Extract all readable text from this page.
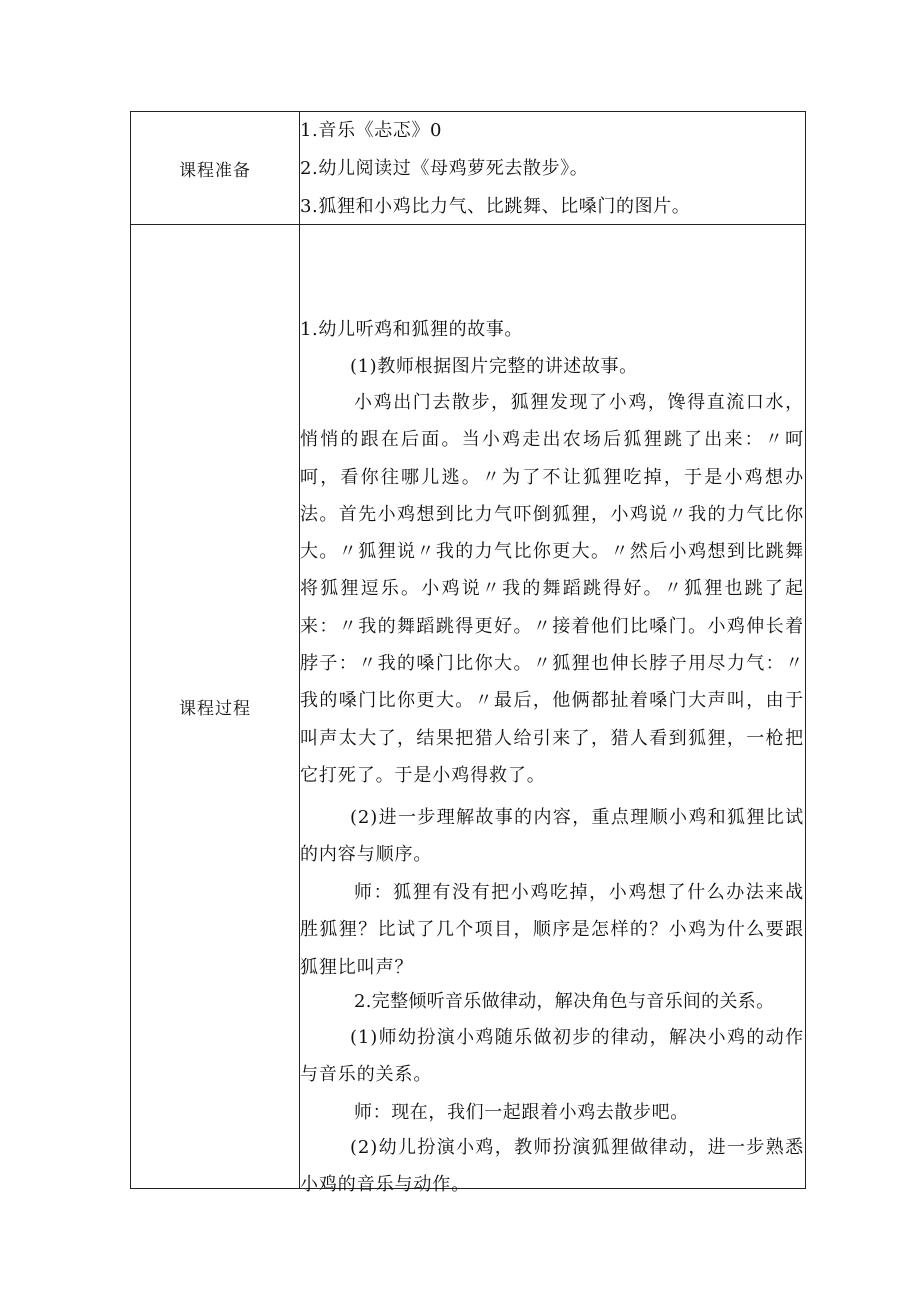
课程准备
1.音乐《忐忑》0
2.幼儿阅读过《母鸡萝死去散步》。
3.狐狸和小鸡比力气、比跳舞、比嗓门的图片。
课程过程
1.幼儿听鸡和狐狸的故事。
(1)教师根据图片完整的讲述故事。
小鸡出门去散步，狐狸发现了小鸡，馋得直流口水，悄悄的跟在后面。当小鸡走出农场后狐狸跳了出来：〃呵呵，看你往哪儿逃。〃为了不让狐狸吃掉，于是小鸡想办法。首先小鸡想到比力气吓倒狐狸，小鸡说〃我的力气比你大。〃狐狸说〃我的力气比你更大。〃然后小鸡想到比跳舞将狐狸逗乐。小鸡说〃我的舞蹈跳得好。〃狐狸也跳了起来：〃我的舞蹈跳得更好。〃接着他们比嗓门。小鸡伸长着脖子：〃我的嗓门比你大。〃狐狸也伸长脖子用尽力气：〃我的嗓门比你更大。〃最后，他俩都扯着嗓门大声叫，由于叫声太大了，结果把猎人给引来了，猎人看到狐狸，一枪把它打死了。于是小鸡得救了。
(2)进一步理解故事的内容，重点理顺小鸡和狐狸比试的内容与顺序。
师：狐狸有没有把小鸡吃掉，小鸡想了什么办法来战胜狐狸？比试了几个项目，顺序是怎样的？小鸡为什么要跟狐狸比叫声？
2.完整倾听音乐做律动，解决角色与音乐间的关系。
(1)师幼扮演小鸡随乐做初步的律动，解决小鸡的动作与音乐的关系。
师：现在，我们一起跟着小鸡去散步吧。
(2)幼儿扮演小鸡，教师扮演狐狸做律动，进一步熟悉小鸡的音乐与动作。
